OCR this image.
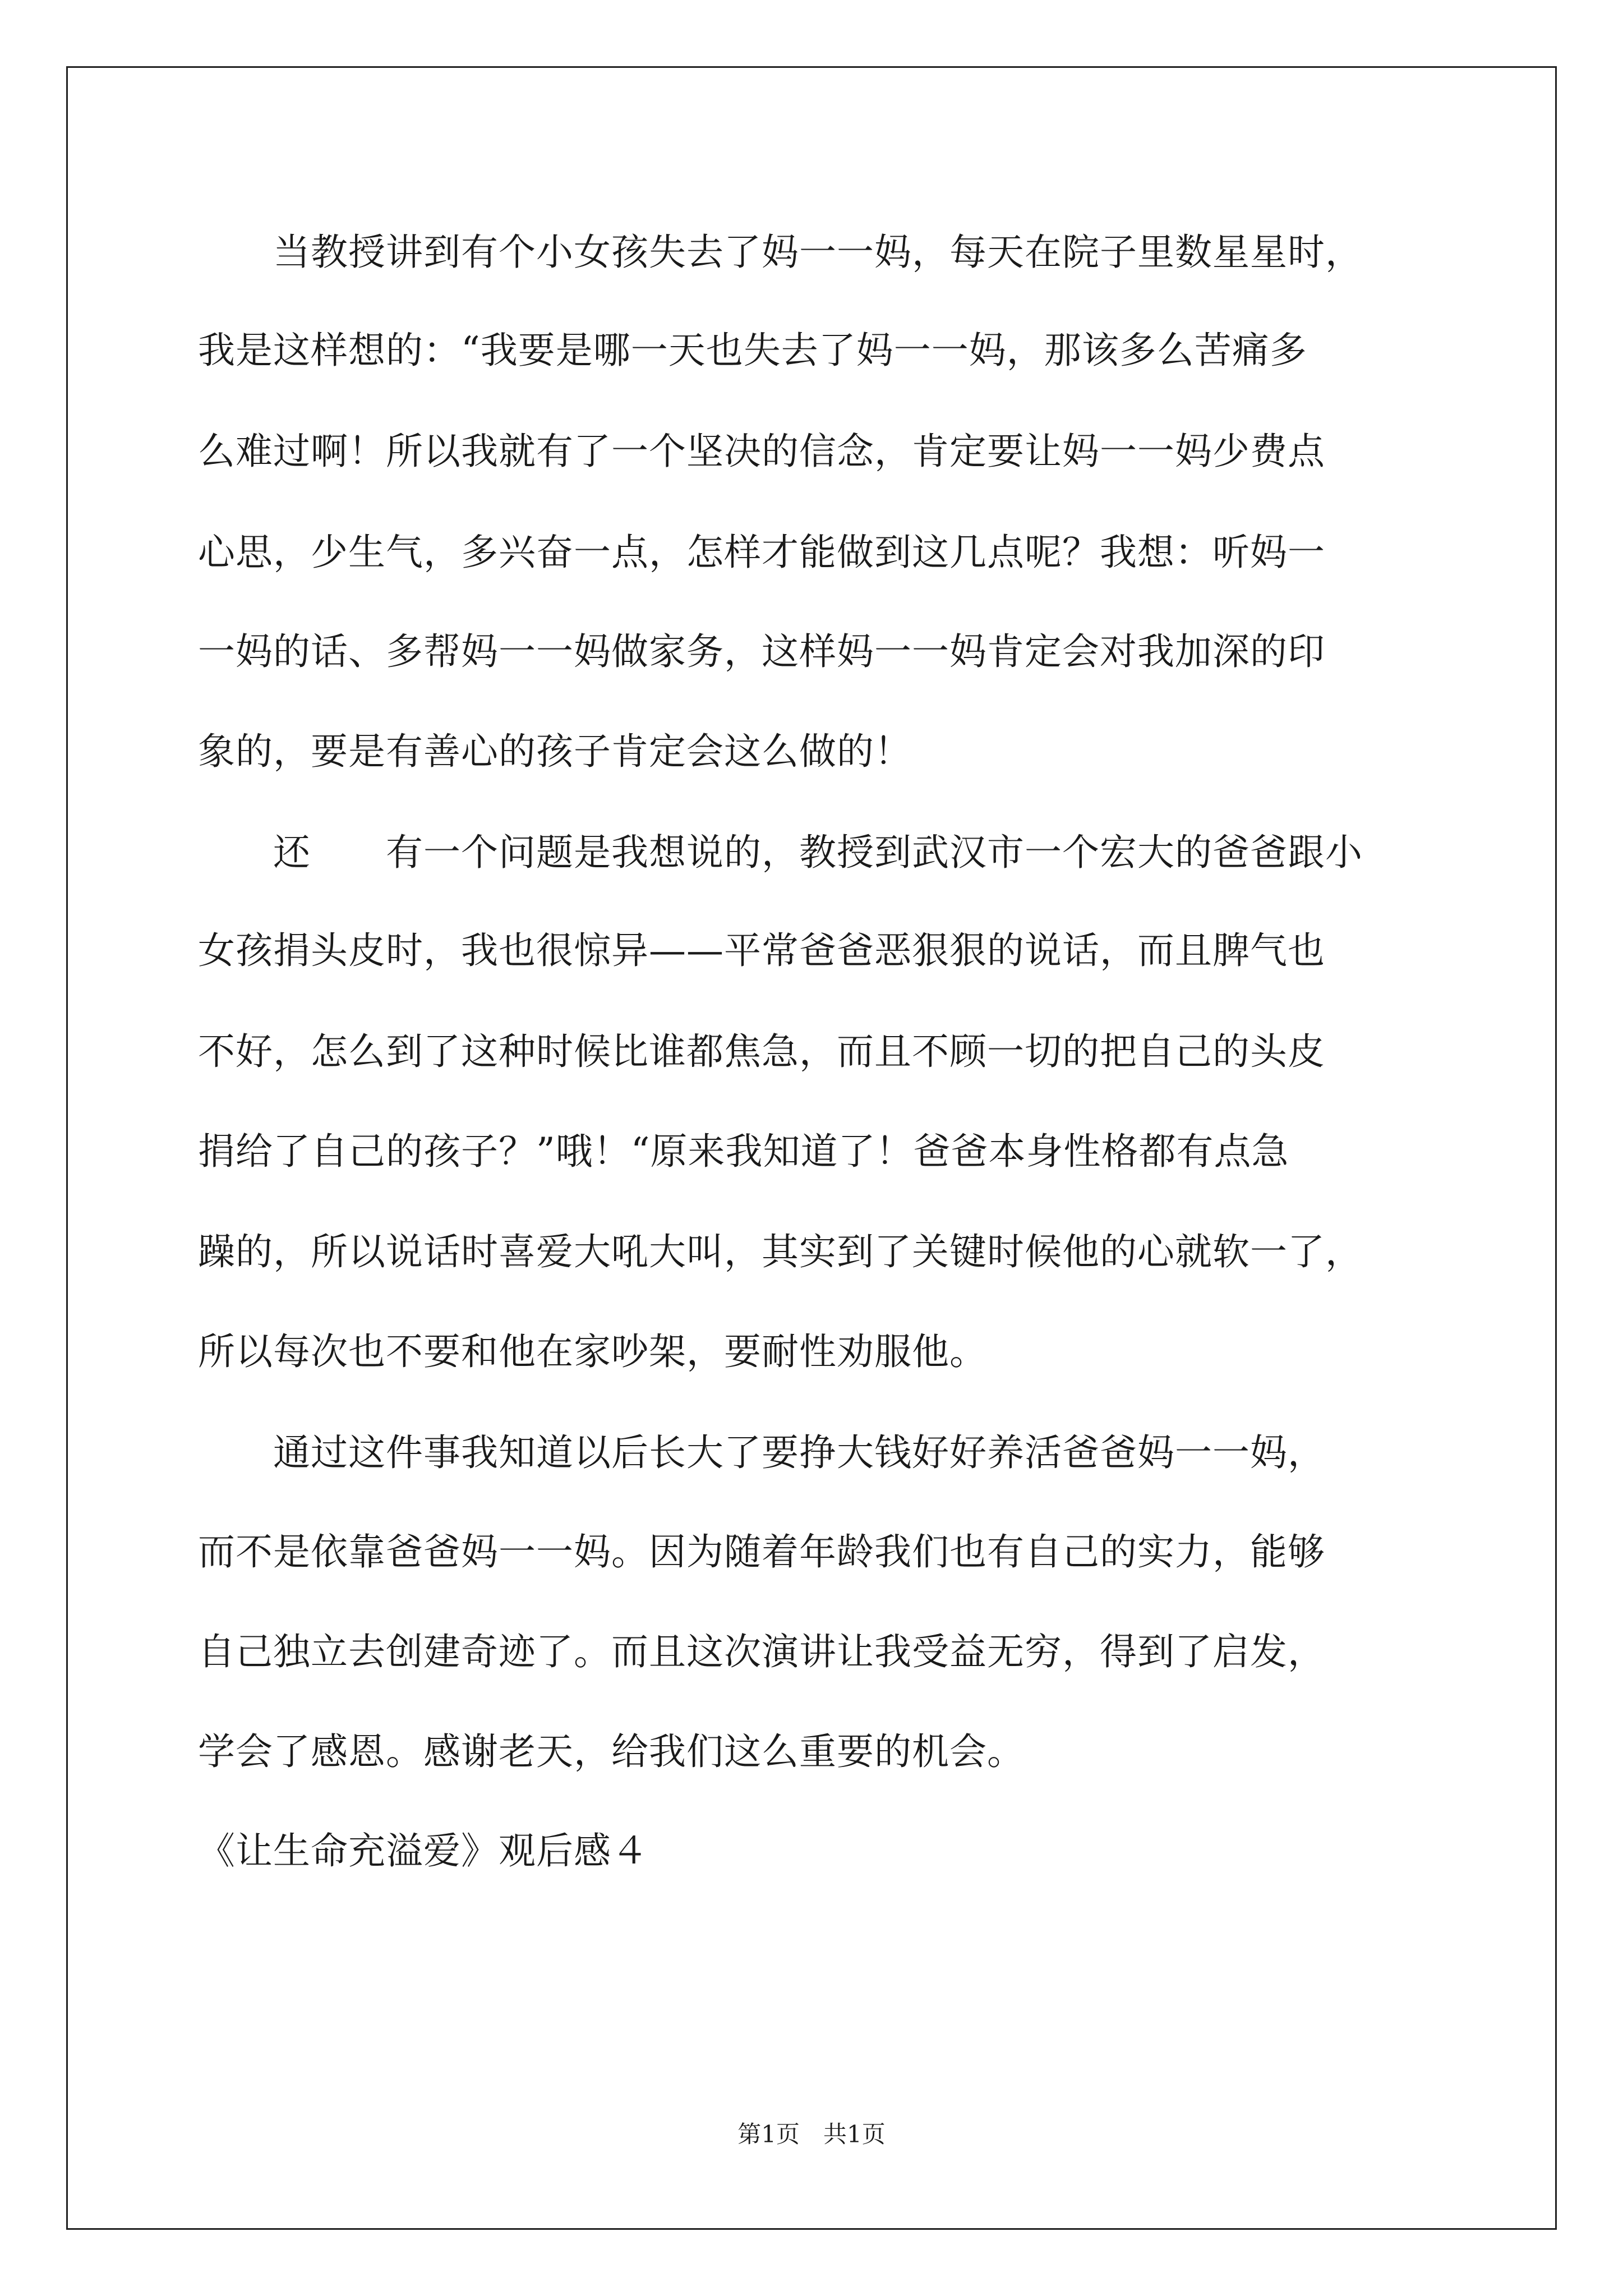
　　当教授讲到有个小女孩失去了妈一一妈，每天在院子里数星星时，
我是这样想的：“我要是哪一天也失去了妈一一妈，那该多么苦痛多
么难过啊！所以我就有了一个坚决的信念，肯定要让妈一一妈少费点
心思，少生气，多兴奋一点，怎样才能做到这几点呢？我想：听妈一
一妈的话、多帮妈一一妈做家务，这样妈一一妈肯定会对我加深的印
象的，要是有善心的孩子肯定会这么做的！
　　还　　有一个问题是我想说的，教授到武汉市一个宏大的爸爸跟小
女孩捐头皮时，我也很惊异——平常爸爸恶狠狠的说话，而且脾气也
不好，怎么到了这种时候比谁都焦急，而且不顾一切的把自己的头皮
捐给了自己的孩子？”哦！“原来我知道了！爸爸本身性格都有点急
躁的，所以说话时喜爱大吼大叫，其实到了关键时候他的心就软一了，
所以每次也不要和他在家吵架，要耐性劝服他。
　　通过这件事我知道以后长大了要挣大钱好好养活爸爸妈一一妈，
而不是依靠爸爸妈一一妈。因为随着年龄我们也有自己的实力，能够
自己独立去创建奇迹了。而且这次演讲让我受益无穷，得到了启发，
学会了感恩。感谢老天，给我们这么重要的机会。
《让生命充溢爱》观后感４
第1页　共1页
